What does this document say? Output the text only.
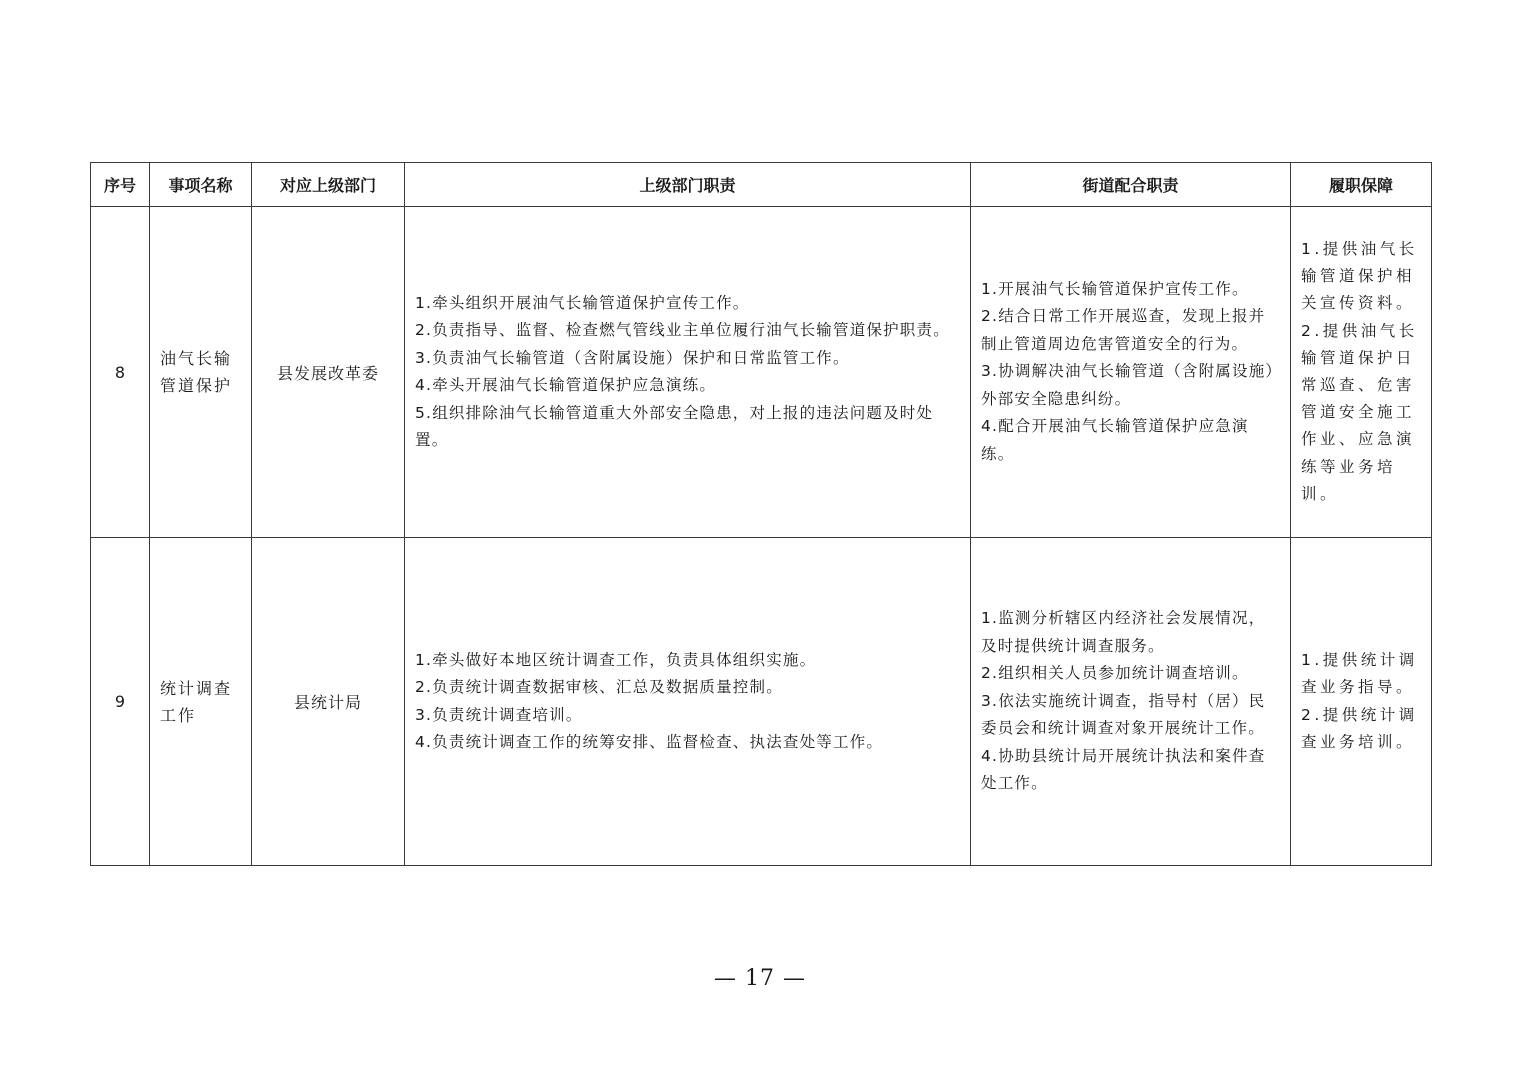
序号	事项名称	对应上级部门	上级部门职责	街道配合职责	履职保障
8	油气长输管道保护	县发展改革委	1.牵头组织开展油气长输管道保护宣传工作。
2.负责指导、监督、检查燃气管线业主单位履行油气长输管道保护职责。
3.负责油气长输管道（含附属设施）保护和日常监管工作。
4.牵头开展油气长输管道保护应急演练。
5.组织排除油气长输管道重大外部安全隐患，对上报的违法问题及时处置。	1.开展油气长输管道保护宣传工作。
2.结合日常工作开展巡查，发现上报并制止管道周边危害管道安全的行为。
3.协调解决油气长输管道（含附属设施）外部安全隐患纠纷。
4.配合开展油气长输管道保护应急演练。	1.提供油气长输管道保护相关宣传资料。
2.提供油气长输管道保护日常巡查、危害管道安全施工作业、应急演练等业务培训。

9	统计调查工作	县统计局	1.牵头做好本地区统计调查工作，负责具体组织实施。
2.负责统计调查数据审核、汇总及数据质量控制。
3.负责统计调查培训。
4.负责统计调查工作的统筹安排、监督检查、执法查处等工作。	1.监测分析辖区内经济社会发展情况，及时提供统计调查服务。
2.组织相关人员参加统计调查培训。
3.依法实施统计调查，指导村（居）民委员会和统计调查对象开展统计工作。
4.协助县统计局开展统计执法和案件查处工作。	1.提供统计调查业务指导。
2.提供统计调查业务培训。
— 17 —
